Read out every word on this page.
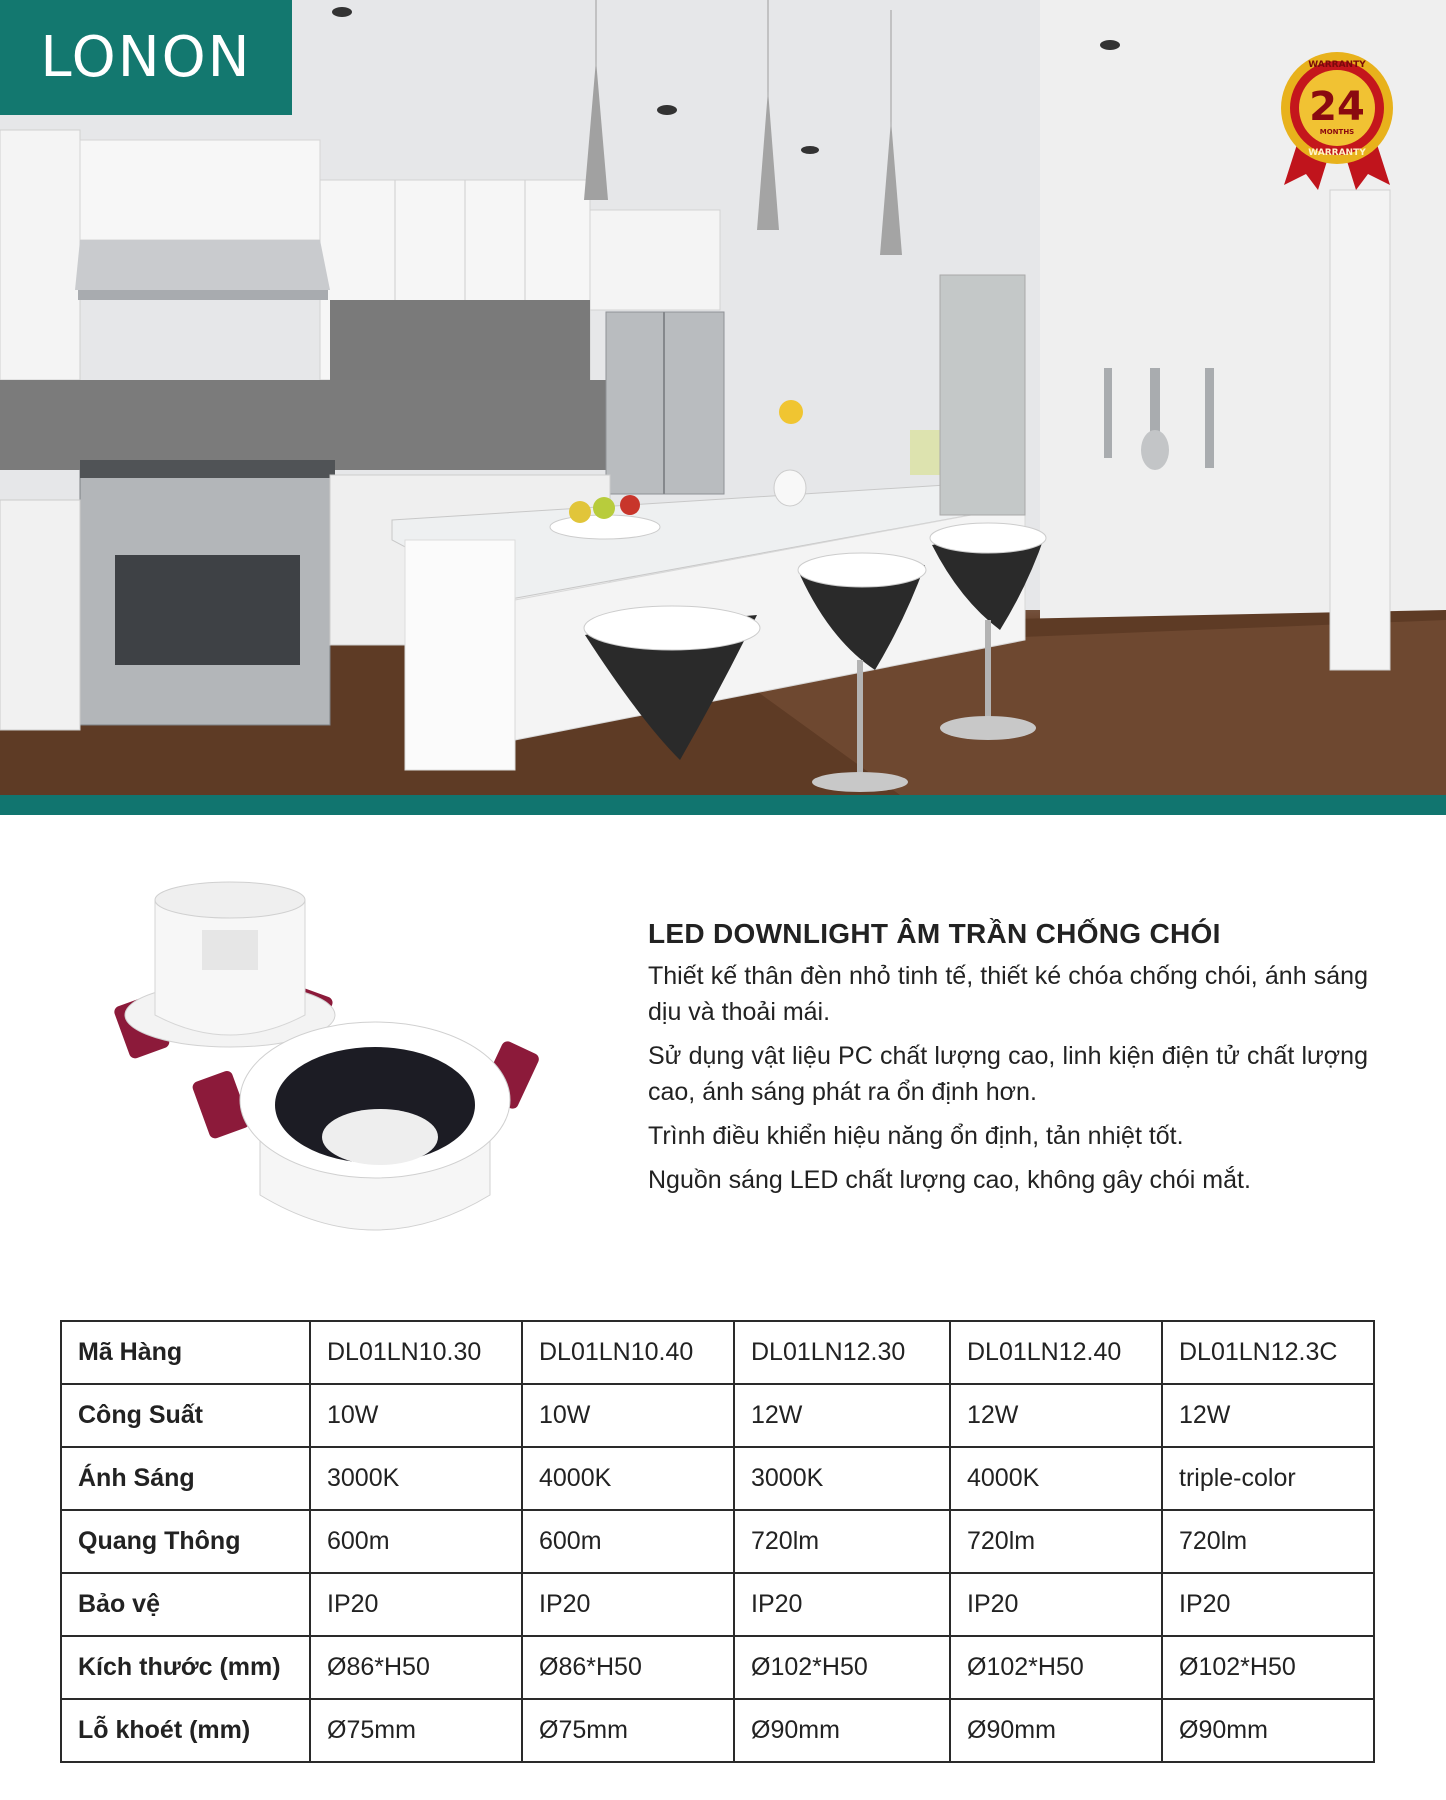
LONON	WARRANTY
24
MONTHS
WARRANTY
LED DOWNLIGHT ÂM TRẦN CHỐNG CHÓI

Thiết kế thân đèn nhỏ tinh tế, thiết ké chóa chống chói, ánh sáng dịu và thoải mái.

Sử dụng vật liệu PC chất lượng cao, linh kiện điện tử chất lượng cao, ánh sáng phát ra ổn định hơn.

Trình điều khiển hiệu năng ổn định, tản nhiệt tốt.

Nguồn sáng LED chất lượng cao, không gây chói mắt.

Mã Hàng	DL01LN10.30	DL01LN10.40	DL01LN12.30	DL01LN12.40	DL01LN12.3C
Công Suất	10W	10W	12W	12W	12W
Ánh Sáng	3000K	4000K	3000K	4000K	triple-color
Quang Thông	600m	600m	720lm	720lm	720lm
Bảo vệ	IP20	IP20	IP20	IP20	IP20
Kích thước (mm)	Ø86*H50	Ø86*H50	Ø102*H50	Ø102*H50	Ø102*H50
Lỗ khoét (mm)	Ø75mm	Ø75mm	Ø90mm	Ø90mm	Ø90mm
